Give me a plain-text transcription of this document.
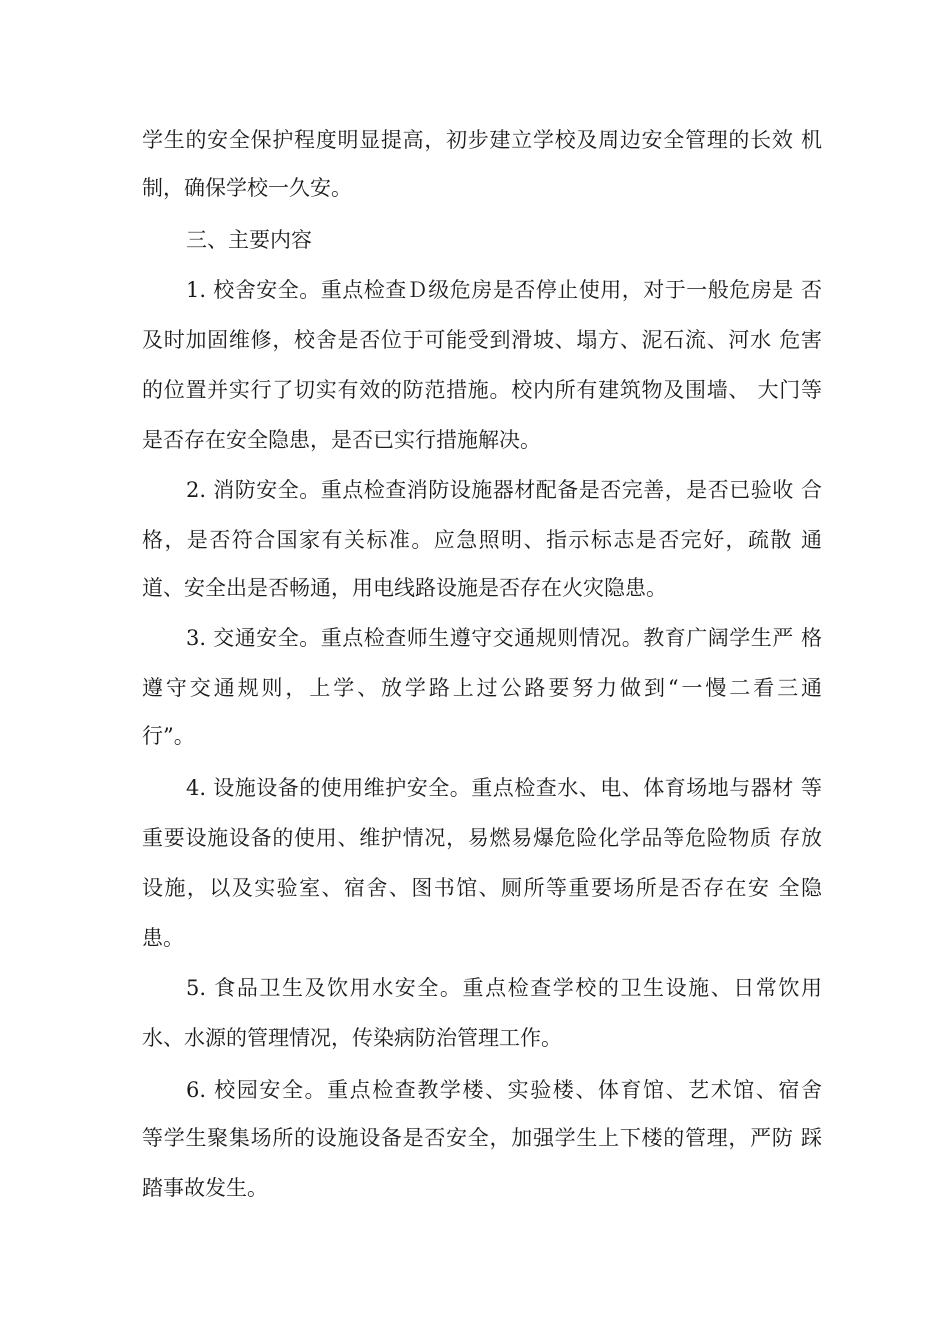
学生的安全保护程度明显提高，初步建立学校及周边安全管理的长效 机
制，确保学校一久安。
三、主要内容
1. 校舍安全。重点检查Ｄ级危房是否停止使用，对于一般危房是 否
及时加固维修，校舍是否位于可能受到滑坡、塌方、泥石流、河水 危害
的位置并实行了切实有效的防范措施。校内所有建筑物及围墙、 大门等
是否存在安全隐患，是否已实行措施解决。
2. 消防安全。重点检查消防设施器材配备是否完善，是否已验收 合
格，是否符合国家有关标准。应急照明、指示标志是否完好，疏散 通
道、安全出是否畅通，用电线路设施是否存在火灾隐患。
3. 交通安全。重点检查师生遵守交通规则情况。教育广阔学生严 格
遵守交通规则，上学、放学路上过公路要努力做到“一慢二看三通
行”。
4. 设施设备的使用维护安全。重点检查水、电、体育场地与器材 等
重要设施设备的使用、维护情况，易燃易爆危险化学品等危险物质 存放
设施，以及实验室、宿舍、图书馆、厕所等重要场所是否存在安 全隐
患。
5. 食品卫生及饮用水安全。重点检查学校的卫生设施、日常饮用
水、水源的管理情况，传染病防治管理工作。
6. 校园安全。重点检查教学楼、实验楼、体育馆、艺术馆、宿舍
等学生聚集场所的设施设备是否安全，加强学生上下楼的管理，严防 踩
踏事故发生。
